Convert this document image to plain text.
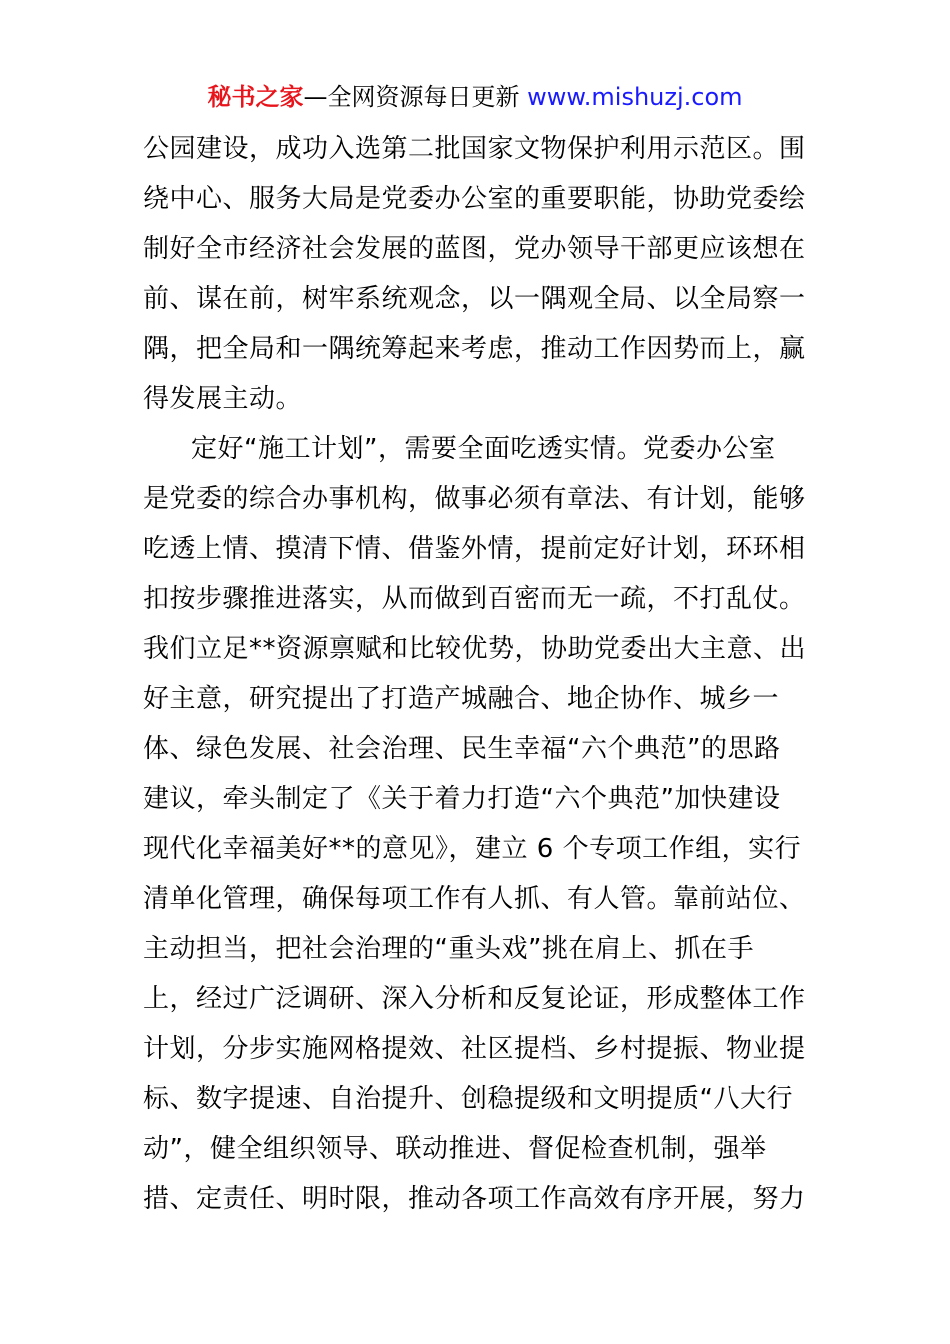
秘书之家—全网资源每日更新 www.mishuzj.com
公园建设，成功入选第二批国家文物保护利用示范区。围
绕中心、服务大局是党委办公室的重要职能，协助党委绘
制好全市经济社会发展的蓝图，党办领导干部更应该想在
前、谋在前，树牢系统观念，以一隅观全局、以全局察一
隅，把全局和一隅统筹起来考虑，推动工作因势而上，赢
得发展主动。
定好“施工计划”，需要全面吃透实情。党委办公室
是党委的综合办事机构，做事必须有章法、有计划，能够
吃透上情、摸清下情、借鉴外情，提前定好计划，环环相
扣按步骤推进落实，从而做到百密而无一疏，不打乱仗。
我们立足**资源禀赋和比较优势，协助党委出大主意、出
好主意，研究提出了打造产城融合、地企协作、城乡一
体、绿色发展、社会治理、民生幸福“六个典范”的思路
建议，牵头制定了《关于着力打造“六个典范”加快建设
现代化幸福美好**的意见》，建立 6 个专项工作组，实行
清单化管理，确保每项工作有人抓、有人管。靠前站位、
主动担当，把社会治理的“重头戏”挑在肩上、抓在手
上，经过广泛调研、深入分析和反复论证，形成整体工作
计划，分步实施网格提效、社区提档、乡村提振、物业提
标、数字提速、自治提升、创稳提级和文明提质“八大行
动”，健全组织领导、联动推进、督促检查机制，强举
措、定责任、明时限，推动各项工作高效有序开展，努力
